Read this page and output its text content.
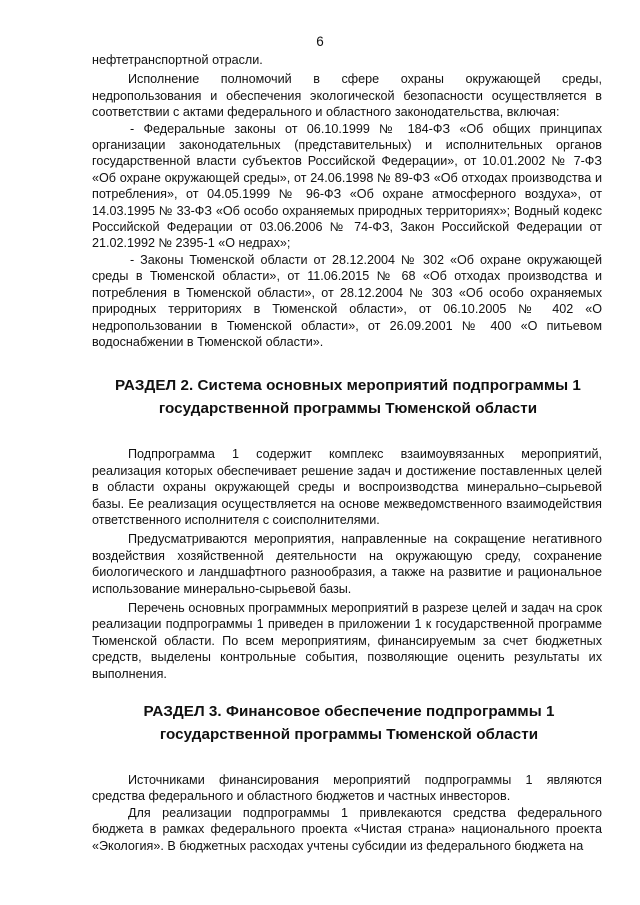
6

нефтетранспортной отрасли.

Исполнение полномочий в сфере охраны окружающей среды, недропользования и обеспечения экологической безопасности осуществляется в соответствии с актами федерального и областного законодательства, включая:

- Федеральные законы от 06.10.1999 № 184-ФЗ «Об общих принципах организации законодательных (представительных) и исполнительных органов государственной власти субъектов Российской Федерации», от 10.01.2002 № 7-ФЗ «Об охране окружающей среды», от 24.06.1998 № 89-ФЗ «Об отходах производства и потребления», от 04.05.1999 № 96-ФЗ «Об охране атмосферного воздуха», от 14.03.1995 № 33-ФЗ «Об особо охраняемых природных территориях»; Водный кодекс Российской Федерации от 03.06.2006 № 74-ФЗ, Закон Российской Федерации от 21.02.1992 № 2395-1 «О недрах»;

- Законы Тюменской области от 28.12.2004 № 302 «Об охране окружающей среды в Тюменской области», от 11.06.2015 № 68 «Об отходах производства и потребления в Тюменской области», от 28.12.2004 № 303 «Об особо охраняемых природных территориях в Тюменской области», от 06.10.2005 № 402 «О недропользовании в Тюменской области», от 26.09.2001 № 400 «О питьевом водоснабжении в Тюменской области».

РАЗДЕЛ 2. Система основных мероприятий подпрограммы 1
государственной программы Тюменской области

Подпрограмма 1 содержит комплекс взаимоувязанных мероприятий, реализация которых обеспечивает решение задач и достижение поставленных целей в области охраны окружающей среды и воспроизводства минерально–сырьевой базы. Ее реализация осуществляется на основе межведомственного взаимодействия ответственного исполнителя с соисполнителями.

Предусматриваются мероприятия, направленные на сокращение негативного воздействия хозяйственной деятельности на окружающую среду, сохранение биологического и ландшафтного разнообразия, а также на развитие и рациональное использование минерально-сырьевой базы.

Перечень основных программных мероприятий в разрезе целей и задач на срок реализации подпрограммы 1 приведен в приложении 1 к государственной программе Тюменской области. По всем мероприятиям, финансируемым за счет бюджетных средств, выделены контрольные события, позволяющие оценить результаты их выполнения.

РАЗДЕЛ 3. Финансовое обеспечение подпрограммы 1
государственной программы Тюменской области

Источниками финансирования мероприятий подпрограммы 1 являются средства федерального и областного бюджетов и частных инвесторов.

Для реализации подпрограммы 1 привлекаются средства федерального бюджета в рамках федерального проекта «Чистая страна» национального проекта «Экология». В бюджетных расходах учтены субсидии из федерального бюджета на
